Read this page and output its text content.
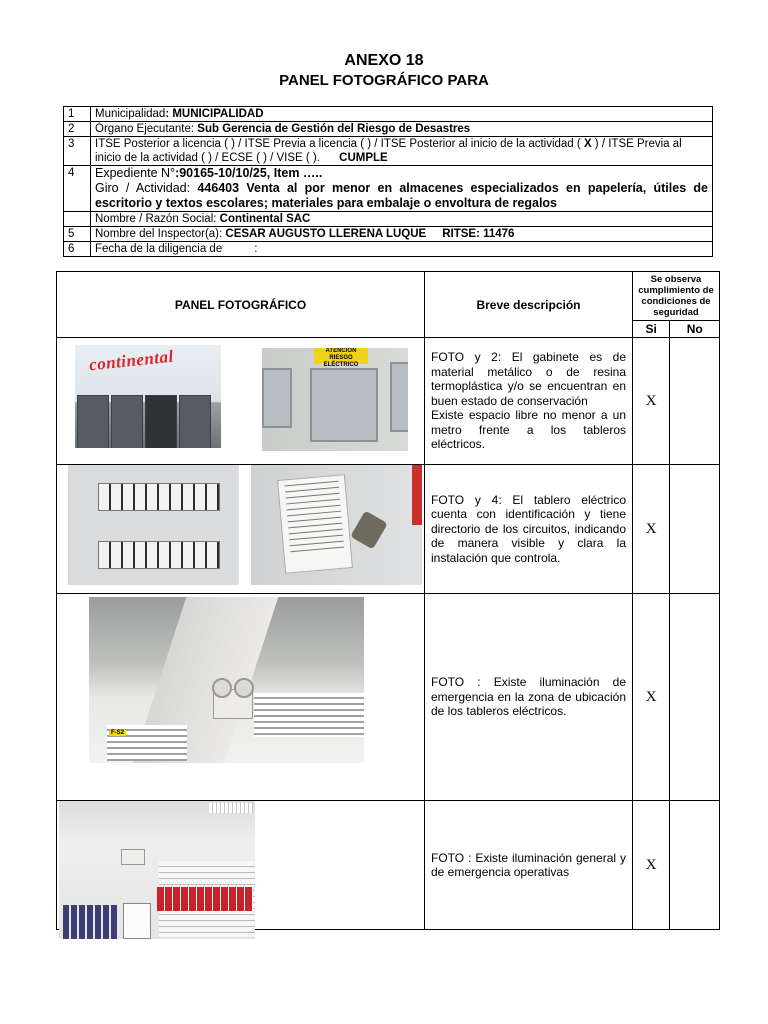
ANEXO 18
PANEL FOTOGRÁFICO PARA
1	Municipalidad: MUNICIPALIDAD
2	Órgano Ejecutante: Sub Gerencia de Gestión del Riesgo de Desastres
3	ITSE Posterior a licencia ( ) / ITSE Previa a licencia ( ) / ITSE Posterior al inicio de la actividad ( X ) / ITSE Previa al inicio de la actividad ( ) / ECSE ( ) / VISE ( ). CUMPLE
4	Expediente N°:90165-10/10/25, Item …..
Giro / Actividad: 446403 Venta al por menor en almacenes especializados en papelería, útiles de escritorio y textos escolares; materiales para embalaje o envoltura de regalos
	Nombre / Razón Social: Continental SAC
5	Nombre del Inspector(a): CESAR AUGUSTO LLERENA LUQUE RITSE: 11476
6	Fecha de la diligencia de :
PANEL FOTOGRÁFICO	Breve descripción	Se observa cumplimiento de condiciones de seguridad	
		Si	No

continental ATENCIÓN RIESGO ELÉCTRICO	FOTO y 2: El gabinete es de material metálico o de resina termoplástica y/o se encuentran en buen estado de conservación
Existe espacio libre no menor a un metro frente a los tableros eléctricos.	X	

	FOTO y 4: El tablero eléctrico cuenta con identificación y tiene directorio de los circuitos, indicando de manera visible y clara la instalación que controla.	X	

F-S2	FOTO : Existe iluminación de emergencia en la zona de ubicación de los tableros eléctricos.	X	

	FOTO : Existe iluminación general y de emergencia operativas	X	
